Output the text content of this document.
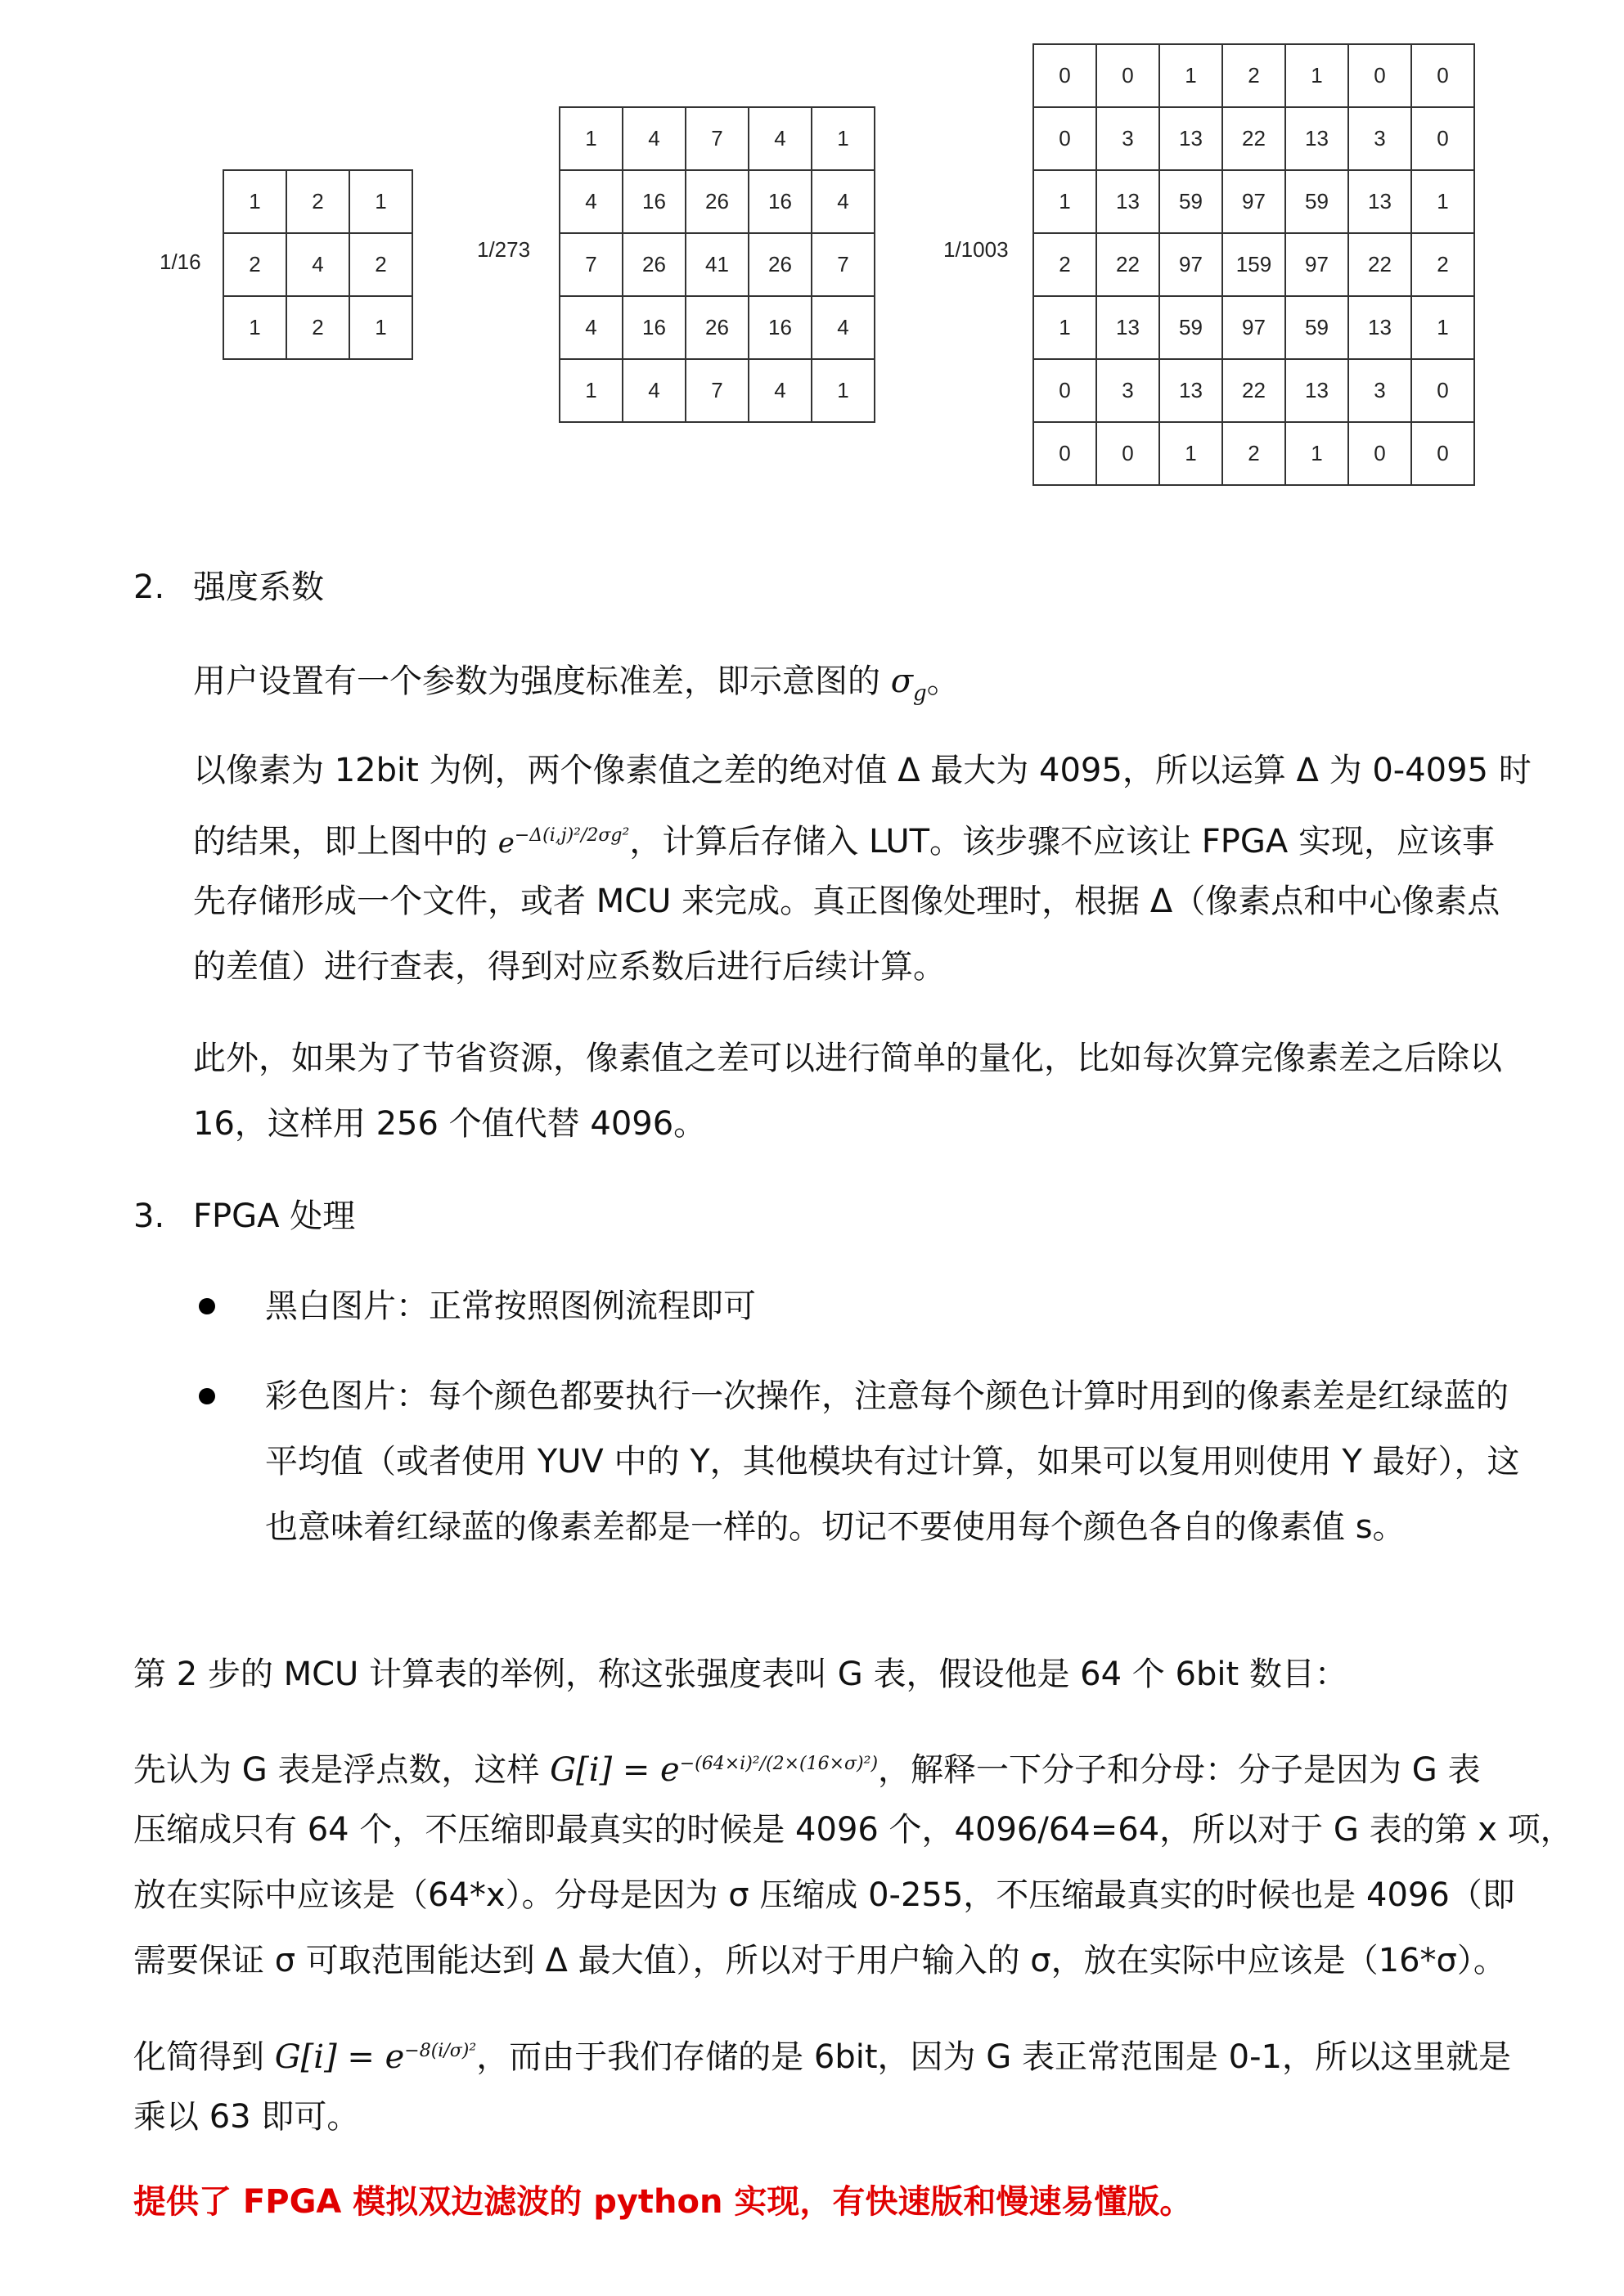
1/16
1	2	1
2	4	2
1	2	1
1/273
1	4	7	4	1
4	16	26	16	4
7	26	41	26	7
4	16	26	16	4
1	4	7	4	1
1/1003
0	0	1	2	1	0	0
0	3	13	22	13	3	0
1	13	59	97	59	13	1
2	22	97	159	97	22	2
1	13	59	97	59	13	1
0	3	13	22	13	3	0
0	0	1	2	1	0	0
2. 强度系数
用户设置有一个参数为强度标准差，即示意图的 $\sigma_g$。
以像素为 12bit 为例，两个像素值之差的绝对值 Δ 最大为 4095，所以运算 Δ 为 0-4095 时
的结果，即上图中的 $e^{-\Delta(i,j)^2/2\sigma g^2}$，计算后存储入 LUT。该步骤不应该让 FPGA 实现，应该事
先存储形成一个文件，或者 MCU 来完成。真正图像处理时，根据 Δ（像素点和中心像素点
的差值）进行查表，得到对应系数后进行后续计算。
此外，如果为了节省资源，像素值之差可以进行简单的量化，比如每次算完像素差之后除以
16，这样用 256 个值代替 4096。
3. FPGA 处理
黑白图片：正常按照图例流程即可
彩色图片：每个颜色都要执行一次操作，注意每个颜色计算时用到的像素差是红绿蓝的
平均值（或者使用 YUV 中的 Y，其他模块有过计算，如果可以复用则使用 Y 最好），这
也意味着红绿蓝的像素差都是一样的。切记不要使用每个颜色各自的像素值 s。
第 2 步的 MCU 计算表的举例，称这张强度表叫 G 表，假设他是 64 个 6bit 数目：
先认为 G 表是浮点数，这样 $G[i] = e^{-(64\times i)^2/(2\times(16\times\sigma)^2)}$，解释一下分子和分母：分子是因为 G 表
压缩成只有 64 个，不压缩即最真实的时候是 4096 个，4096/64=64，所以对于 G 表的第 x 项，
放在实际中应该是（64*x）。分母是因为 σ 压缩成 0-255，不压缩最真实的时候也是 4096（即
需要保证 σ 可取范围能达到 Δ 最大值），所以对于用户输入的 σ，放在实际中应该是（16*σ）。
化简得到 $G[i] = e^{-8(i/\sigma)^2}$，而由于我们存储的是 6bit，因为 G 表正常范围是 0-1，所以这里就是
乘以 63 即可。
提供了 FPGA 模拟双边滤波的 python 实现，有快速版和慢速易懂版。
